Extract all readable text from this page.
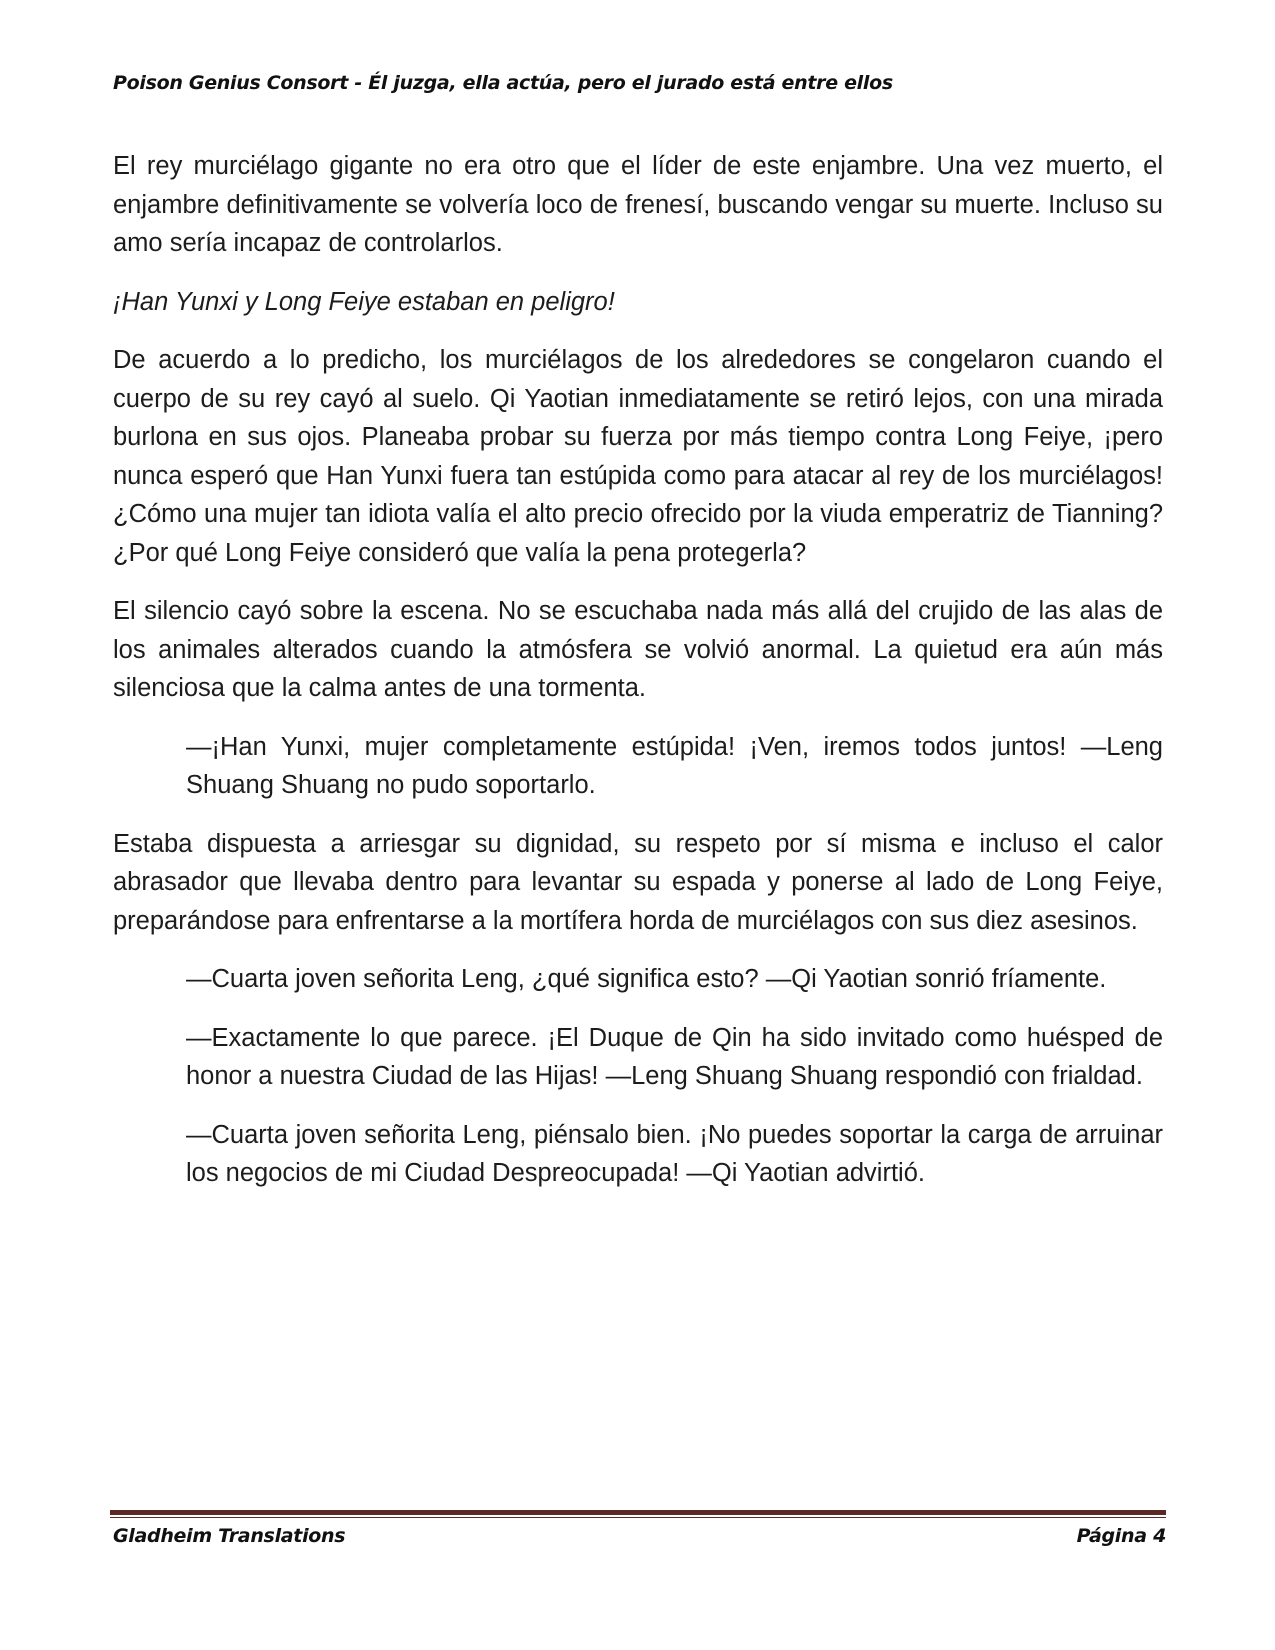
Poison Genius Consort - Él juzga, ella actúa, pero el jurado está entre ellos

El rey murciélago gigante no era otro que el líder de este enjambre. Una vez muerto, el enjambre definitivamente se volvería loco de frenesí, buscando vengar su muerte. Incluso su amo sería incapaz de controlarlos.

¡Han Yunxi y Long Feiye estaban en peligro!

De acuerdo a lo predicho, los murciélagos de los alrededores se congelaron cuando el cuerpo de su rey cayó al suelo. Qi Yaotian inmediatamente se retiró lejos, con una mirada burlona en sus ojos. Planeaba probar su fuerza por más tiempo contra Long Feiye, ¡pero nunca esperó que Han Yunxi fuera tan estúpida como para atacar al rey de los murciélagos! ¿Cómo una mujer tan idiota valía el alto precio ofrecido por la viuda emperatriz de Tianning? ¿Por qué Long Feiye consideró que valía la pena protegerla?

El silencio cayó sobre la escena. No se escuchaba nada más allá del crujido de las alas de los animales alterados cuando la atmósfera se volvió anormal. La quietud era aún más silenciosa que la calma antes de una tormenta.

—¡Han Yunxi, mujer completamente estúpida! ¡Ven, iremos todos juntos! —Leng Shuang Shuang no pudo soportarlo.

Estaba dispuesta a arriesgar su dignidad, su respeto por sí misma e incluso el calor abrasador que llevaba dentro para levantar su espada y ponerse al lado de Long Feiye, preparándose para enfrentarse a la mortífera horda de murciélagos con sus diez asesinos.

—Cuarta joven señorita Leng, ¿qué significa esto? —Qi Yaotian sonrió fríamente.

—Exactamente lo que parece. ¡El Duque de Qin ha sido invitado como huésped de honor a nuestra Ciudad de las Hijas! —Leng Shuang Shuang respondió con frialdad.

—Cuarta joven señorita Leng, piénsalo bien. ¡No puedes soportar la carga de arruinar los negocios de mi Ciudad Despreocupada! —Qi Yaotian advirtió.

Gladheim Translations	Página 4
